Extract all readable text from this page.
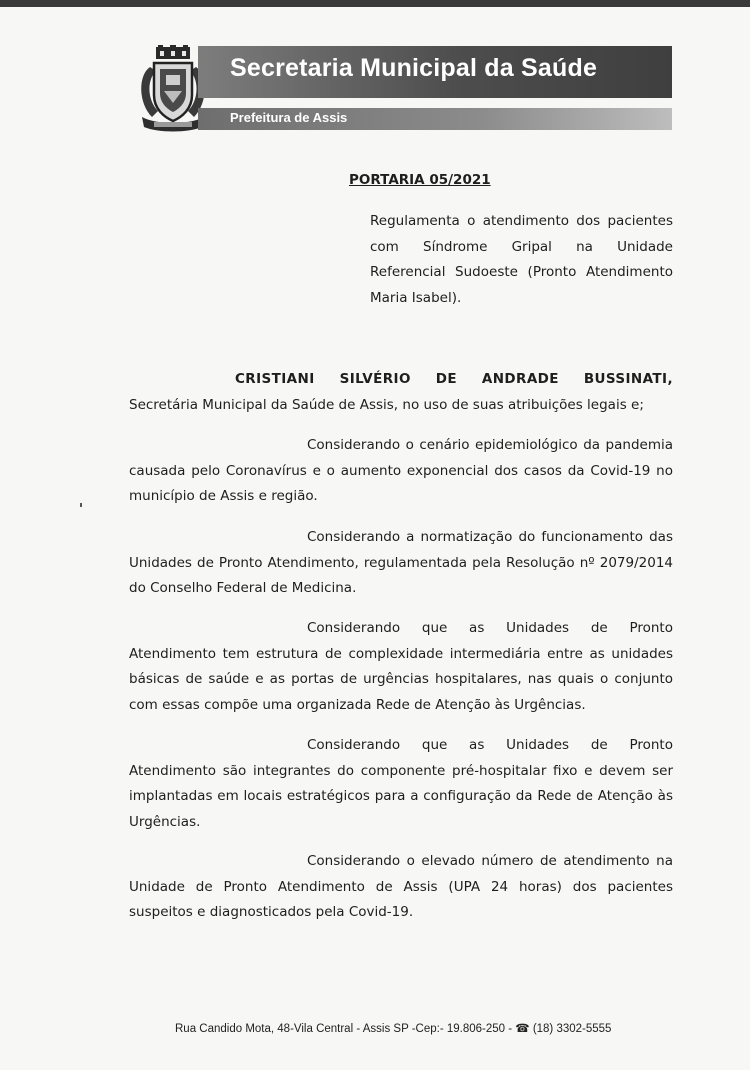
Secretaria Municipal da Saúde
Prefeitura de Assis
PORTARIA 05/2021
Regulamenta o atendimento dos pacientes com Síndrome Gripal na Unidade Referencial Sudoeste (Pronto Atendimento Maria Isabel).
CRISTIANI SILVÉRIO DE ANDRADE BUSSINATI,
Secretária Municipal da Saúde de Assis, no uso de suas atribuições legais e;
Considerando o cenário epidemiológico da pandemia
causada pelo Coronavírus e o aumento exponencial dos casos da Covid-19 no município de Assis e região.
Considerando a normatização do funcionamento das
Unidades de Pronto Atendimento, regulamentada pela Resolução nº 2079/2014 do Conselho Federal de Medicina.
Considerando que as Unidades de Pronto
Atendimento tem estrutura de complexidade intermediária entre as unidades básicas de saúde e as portas de urgências hospitalares, nas quais o conjunto com essas compõe uma organizada Rede de Atenção às Urgências.
Considerando que as Unidades de Pronto
Atendimento são integrantes do componente pré-hospitalar fixo e devem ser implantadas em locais estratégicos para a configuração da Rede de Atenção às Urgências.
Considerando o elevado número de atendimento na
Unidade de Pronto Atendimento de Assis (UPA 24 horas) dos pacientes suspeitos e diagnosticados pela Covid-19.
Rua Candido Mota, 48-Vila Central - Assis SP -Cep:- 19.806-250 - ☎ (18) 3302-5555
